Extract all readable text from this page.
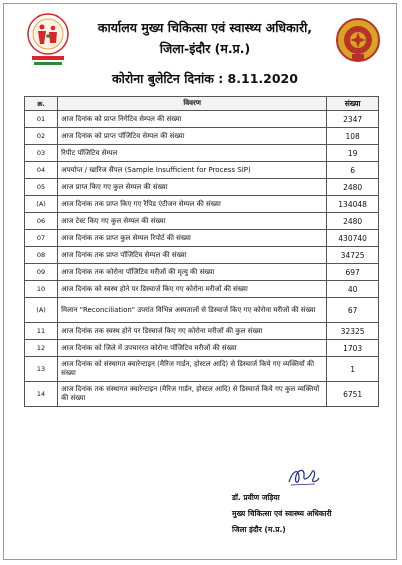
कार्यालय मुख्य चिकित्सा एवं स्वास्थ्य अधिकारी,
जिला-इंदौर (म.प्र.)
कोरोना बुलेटिन दिनांक : 8.11.2020
क्र.	विवरण	संख्या
01	आज दिनांक को प्राप्त निगेटिव सेम्पल की संख्या	2347
02	आज दिनांक को प्राप्त पॉजिटिव सेम्पल की संख्या	108
03	रिपीट पॉजिटिव सेम्पल	19
04	अपर्याप्त / खारिज सैंपल (Sample Insufficient for Process SIP)	6
05	आज प्राप्त किए गए कुल सेम्पल की संख्या	2480
(A)	आज दिनांक तक प्राप्त किए गए रैपिड एंटीजन सेम्पल की संख्या	134048
06	आज टेस्ट किए गए कुल सेम्पल की संख्या	2480
07	आज दिनांक तक प्राप्त कुल सेम्पल रिपोर्ट की संख्या	430740
08	आज दिनांक तक प्राप्त पॉजिटिव सेम्पल की संख्या	34725
09	आज दिनांक तक कोरोना पॉजिटिव मरीजों की मृत्यु की संख्या	697
10	आज दिनांक को स्वस्थ होने पर डिस्चार्ज किए गए कोरोना मरीजों की संख्या	40
(A)	मिलान "Reconciliation" उपरांत विभिन्न अस्पतालों से डिस्चार्ज किए गए कोरोना मरीजों की संख्या	67
11	आज दिनांक तक स्वस्थ होने पर डिस्चार्ज किए गए कोरोना मरीजों की कुल संख्या	32325
12	आज दिनांक को जिले में उपचाररत कोरोना पॉजिटिव मरीजों की संख्या	1703
13	आज दिनांक को संस्थागत क्वारेन्टाइन (मैरिज गार्डन, होस्टल आदि) से डिस्चार्ज किये गए व्यक्तियों की संख्या	1
14	आज दिनांक तक संस्थागत क्वारेन्टाइन (मैरिज गार्डन, होस्टल आदि) से डिस्चार्ज किये गए कुल व्यक्तियों की संख्या	6751
डॉ. प्रवीण जड़िया
मुख्य चिकित्सा एवं स्वास्थ्य अधिकारी
जिला इंदौर (म.प्र.)
